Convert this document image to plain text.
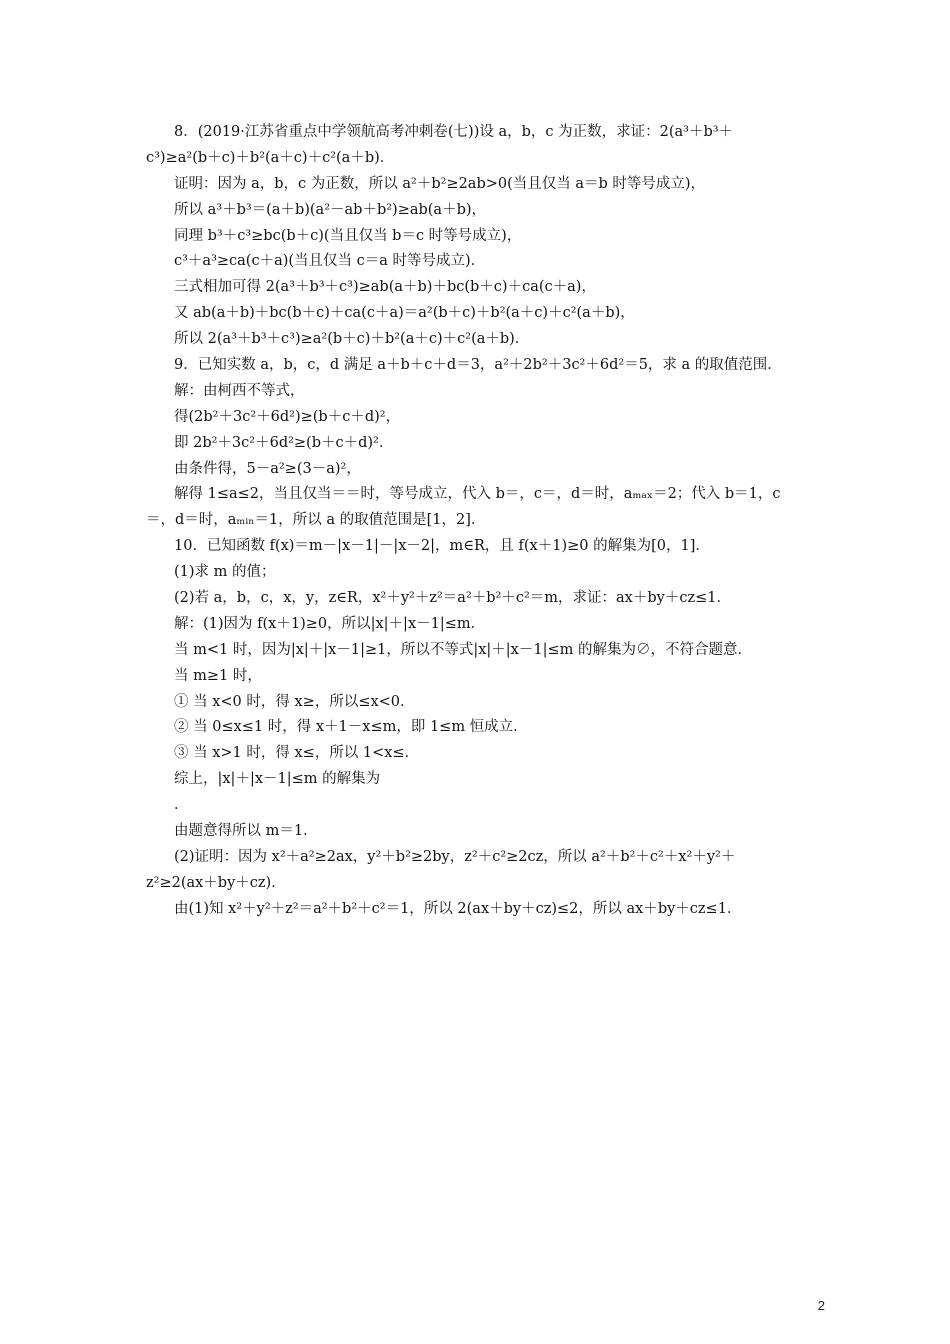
8．(2019·江苏省重点中学领航高考冲刺卷(七))设 a，b，c 为正数，求证：2(a³＋b³＋
c³)≥a²(b＋c)＋b²(a＋c)＋c²(a＋b)．
证明：因为 a，b，c 为正数，所以 a²＋b²≥2ab>0(当且仅当 a＝b 时等号成立)，
所以 a³＋b³＝(a＋b)(a²－ab＋b²)≥ab(a＋b)，
同理 b³＋c³≥bc(b＋c)(当且仅当 b＝c 时等号成立)，
c³＋a³≥ca(c＋a)(当且仅当 c＝a 时等号成立)．
三式相加可得 2(a³＋b³＋c³)≥ab(a＋b)＋bc(b＋c)＋ca(c＋a)，
又 ab(a＋b)＋bc(b＋c)＋ca(c＋a)＝a²(b＋c)＋b²(a＋c)＋c²(a＋b)，
所以 2(a³＋b³＋c³)≥a²(b＋c)＋b²(a＋c)＋c²(a＋b)．
9．已知实数 a，b，c，d 满足 a＋b＋c＋d＝3，a²＋2b²＋3c²＋6d²＝5，求 a 的取值范围．
解：由柯西不等式，
得(2b²＋3c²＋6d²)≥(b＋c＋d)²，
即 2b²＋3c²＋6d²≥(b＋c＋d)²．
由条件得，5－a²≥(3－a)²，
解得 1≤a≤2，当且仅当＝＝时，等号成立，代入 b＝，c＝，d＝时，aₘₐₓ＝2；代入 b＝1，c
＝，d＝时，aₘᵢₙ＝1，所以 a 的取值范围是[1，2]．
10．已知函数 f(x)＝m－|x－1|－|x－2|，m∈R，且 f(x＋1)≥0 的解集为[0，1]．
(1)求 m 的值；
(2)若 a，b，c，x，y，z∈R，x²＋y²＋z²＝a²＋b²＋c²＝m，求证：ax＋by＋cz≤1．
解：(1)因为 f(x＋1)≥0，所以|x|＋|x－1|≤m．
当 m<1 时，因为|x|＋|x－1|≥1，所以不等式|x|＋|x－1|≤m 的解集为∅，不符合题意．
当 m≥1 时，
① 当 x<0 时，得 x≥，所以≤x<0．
② 当 0≤x≤1 时，得 x＋1－x≤m，即 1≤m 恒成立．
③ 当 x>1 时，得 x≤，所以 1<x≤．
综上，|x|＋|x－1|≤m 的解集为
．
由题意得所以 m＝1．
(2)证明：因为 x²＋a²≥2ax，y²＋b²≥2by，z²＋c²≥2cz，所以 a²＋b²＋c²＋x²＋y²＋
z²≥2(ax＋by＋cz)．
由(1)知 x²＋y²＋z²＝a²＋b²＋c²＝1，所以 2(ax＋by＋cz)≤2，所以 ax＋by＋cz≤1．
2
